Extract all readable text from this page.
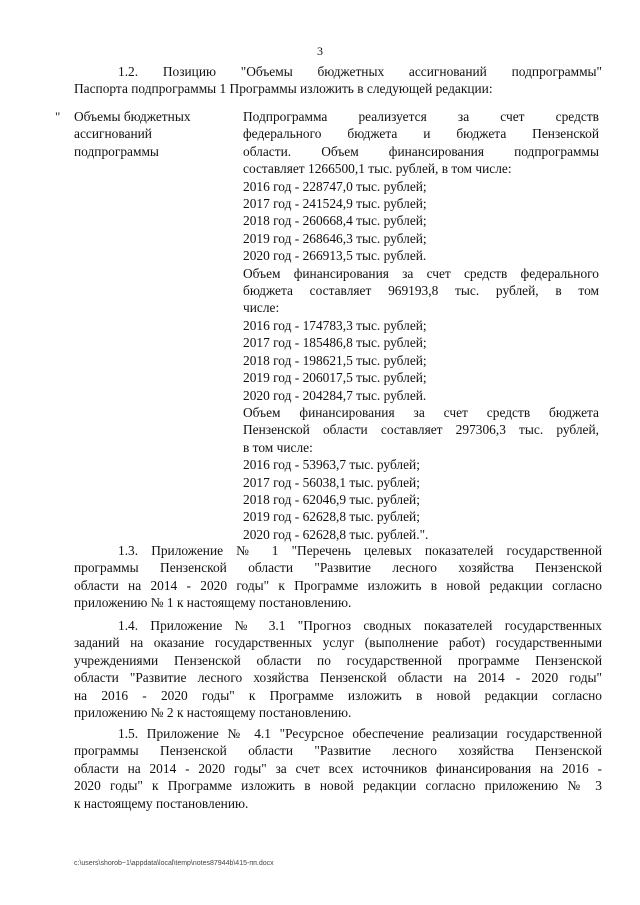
3
1.2. Позицию "Объемы бюджетных ассигнований подпрограммы"
Паспорта подпрограммы 1 Программы изложить в следующей редакции:
" Объемы бюджетных
ассигнований
подпрограммы
Подпрограмма реализуется за счет средств
федерального бюджета и бюджета Пензенской
области. Объем финансирования подпрограммы
составляет 1266500,1 тыс. рублей, в том числе:
2016 год - 228747,0 тыс. рублей;
2017 год - 241524,9 тыс. рублей;
2018 год - 260668,4 тыс. рублей;
2019 год - 268646,3 тыс. рублей;
2020 год - 266913,5 тыс. рублей.
Объем финансирования за счет средств федерального
бюджета составляет 969193,8 тыс. рублей, в том
числе:
2016 год - 174783,3 тыс. рублей;
2017 год - 185486,8 тыс. рублей;
2018 год - 198621,5 тыс. рублей;
2019 год - 206017,5 тыс. рублей;
2020 год - 204284,7 тыс. рублей.
Объем финансирования за счет средств бюджета
Пензенской области составляет 297306,3 тыс. рублей,
в том числе:
2016 год - 53963,7 тыс. рублей;
2017 год - 56038,1 тыс. рублей;
2018 год - 62046,9 тыс. рублей;
2019 год - 62628,8 тыс. рублей;
2020 год - 62628,8 тыс. рублей.".
1.3. Приложение № 1 "Перечень целевых показателей государственной
программы Пензенской области "Развитие лесного хозяйства Пензенской
области на 2014 - 2020 годы" к Программе изложить в новой редакции согласно
приложению № 1 к настоящему постановлению.
1.4. Приложение № 3.1 "Прогноз сводных показателей государственных
заданий на оказание государственных услуг (выполнение работ) государственными
учреждениями Пензенской области по государственной программе Пензенской
области "Развитие лесного хозяйства Пензенской области на 2014 - 2020 годы"
на 2016 - 2020 годы" к Программе изложить в новой редакции согласно
приложению № 2 к настоящему постановлению.
1.5. Приложение № 4.1 "Ресурсное обеспечение реализации государственной
программы Пензенской области "Развитие лесного хозяйства Пензенской
области на 2014 - 2020 годы" за счет всех источников финансирования на 2016 -
2020 годы" к Программе изложить в новой редакции согласно приложению № 3
к настоящему постановлению.
c:\users\shorob~1\appdata\local\temp\notes87944b\415-пп.docx
